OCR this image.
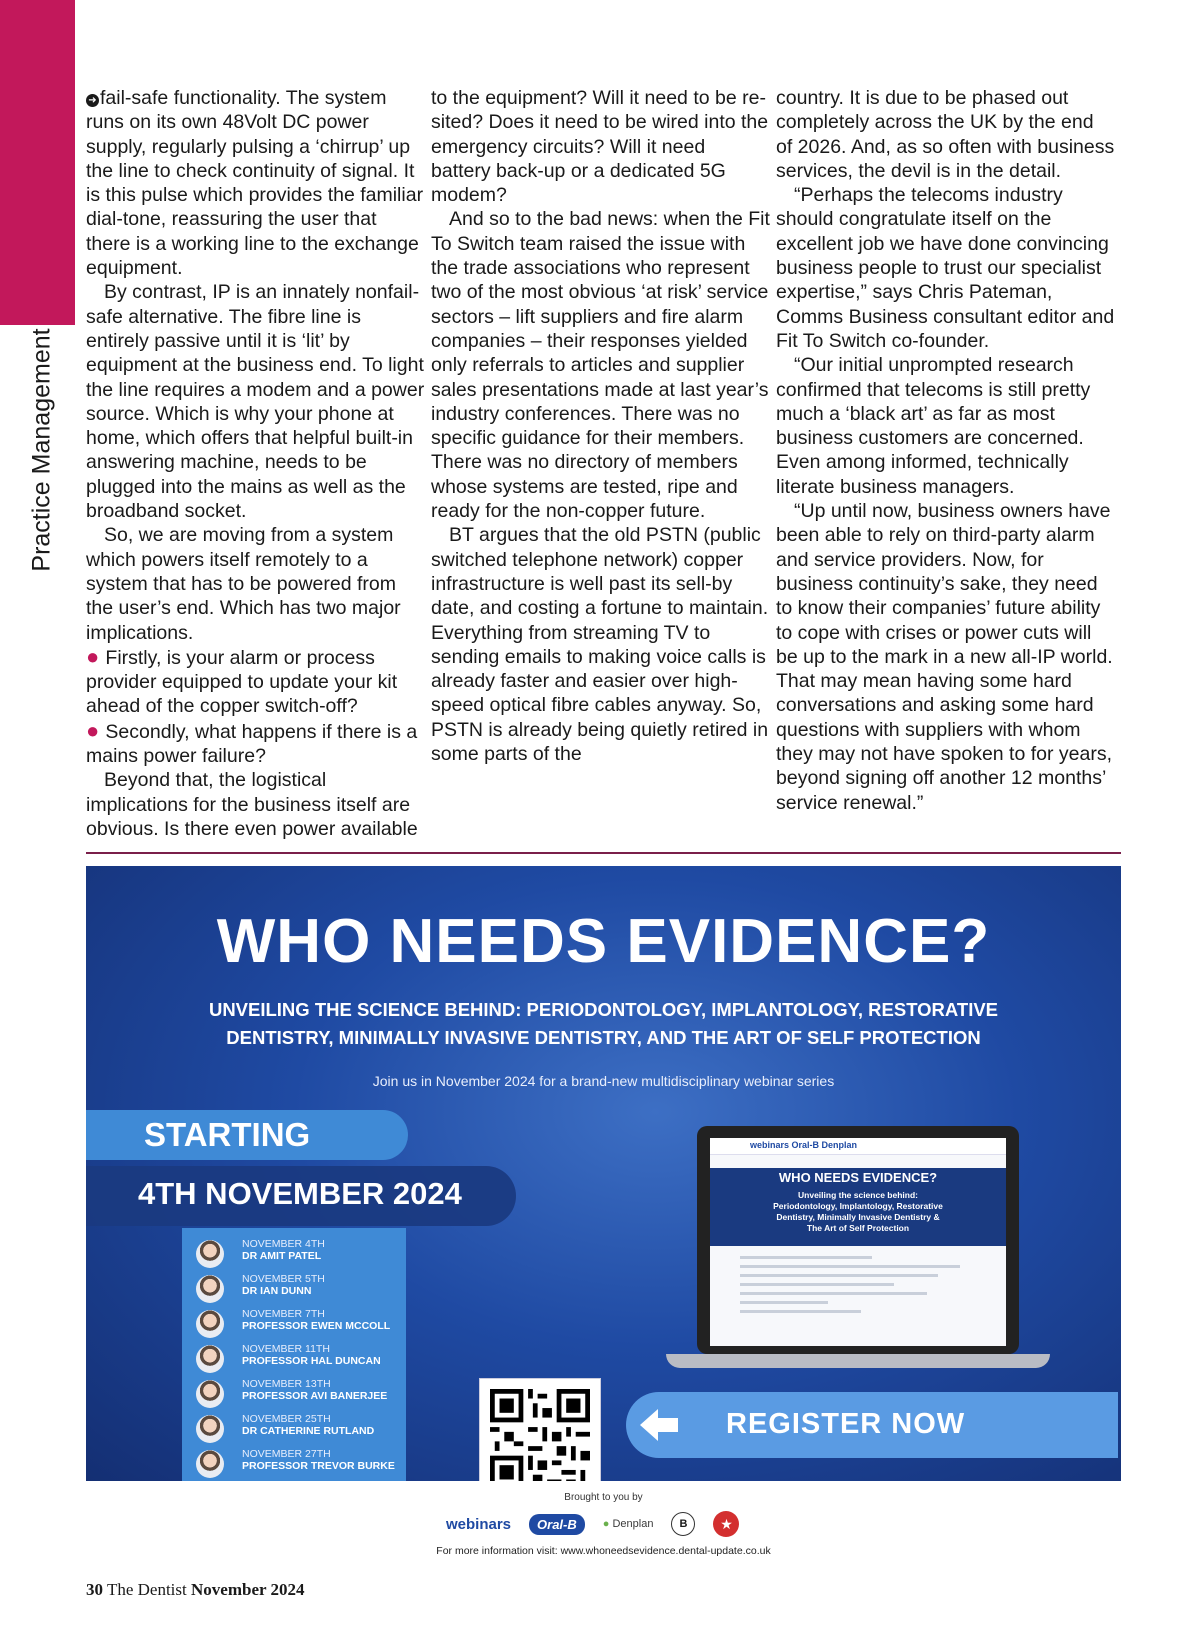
Practice Management

➜ fail-safe functionality. The system runs on its own 48Volt DC power supply, regularly pulsing a ‘chirrup’ up the line to check continuity of signal. It is this pulse which provides the familiar dial-tone, reassuring the user that there is a working line to the exchange equipment.

By contrast, IP is an innately nonfail-safe alternative. The fibre line is entirely passive until it is ‘lit’ by equipment at the business end. To light the line requires a modem and a power source. Which is why your phone at home, which offers that helpful built-in answering machine, needs to be plugged into the mains as well as the broadband socket.

So, we are moving from a system which powers itself remotely to a system that has to be powered from the user’s end. Which has two major implications.

● Firstly, is your alarm or process provider equipped to update your kit ahead of the copper switch-off?

● Secondly, what happens if there is a mains power failure?

Beyond that, the logistical implications for the business itself are obvious. Is there even power available

to the equipment? Will it need to be re-sited? Does it need to be wired into the emergency circuits? Will it need battery back-up or a dedicated 5G modem?

And so to the bad news: when the Fit To Switch team raised the issue with the trade associations who represent two of the most obvious ‘at risk’ service sectors – lift suppliers and fire alarm companies – their responses yielded only referrals to articles and supplier sales presentations made at last year’s industry conferences. There was no specific guidance for their members. There was no directory of members whose systems are tested, ripe and ready for the non-copper future.

BT argues that the old PSTN (public switched telephone network) copper infrastructure is well past its sell-by date, and costing a fortune to maintain. Everything from streaming TV to sending emails to making voice calls is already faster and easier over high-speed optical fibre cables anyway. So, PSTN is already being quietly retired in some parts of the

country. It is due to be phased out completely across the UK by the end of 2026. And, as so often with business services, the devil is in the detail.

“Perhaps the telecoms industry should congratulate itself on the excellent job we have done convincing business people to trust our specialist expertise,” says Chris Pateman, Comms Business consultant editor and Fit To Switch co-founder.

“Our initial unprompted research confirmed that telecoms is still pretty much a ‘black art’ as far as most business customers are concerned. Even among informed, technically literate business managers.

“Up until now, business owners have been able to rely on third-party alarm and service providers. Now, for business continuity’s sake, they need to know their companies’ future ability to cope with crises or power cuts will be up to the mark in a new all-IP world. That may mean having some hard conversations and asking some hard questions with suppliers with whom they may not have spoken to for years, beyond signing off another 12 months’ service renewal.”

WHO NEEDS EVIDENCE?
UNVEILING THE SCIENCE BEHIND: PERIODONTOLOGY, IMPLANTOLOGY, RESTORATIVE DENTISTRY, MINIMALLY INVASIVE DENTISTRY, AND THE ART OF SELF PROTECTION
Join us in November 2024 for a brand-new multidisciplinary webinar series
STARTING
4TH NOVEMBER 2024
NOVEMBER 4TH
DR AMIT PATEL
NOVEMBER 5TH
DR IAN DUNN
NOVEMBER 7TH
PROFESSOR EWEN MCCOLL
NOVEMBER 11TH
PROFESSOR HAL DUNCAN
NOVEMBER 13TH
PROFESSOR AVI BANERJEE
NOVEMBER 25TH
DR CATHERINE RUTLAND
NOVEMBER 27TH
PROFESSOR TREVOR BURKE
webinars Oral-B Denplan
WHO NEEDS EVIDENCE?
Unveiling the science behind: Periodontology, Implantology, Restorative Dentistry, Minimally Invasive Dentistry & The Art of Self Protection
REGISTER NOW
Brought to you by
webinars	Oral-B	● Denplan	B	★
For more information visit: www.whoneedsevidence.dental-update.co.uk
30 The Dentist November 2024
